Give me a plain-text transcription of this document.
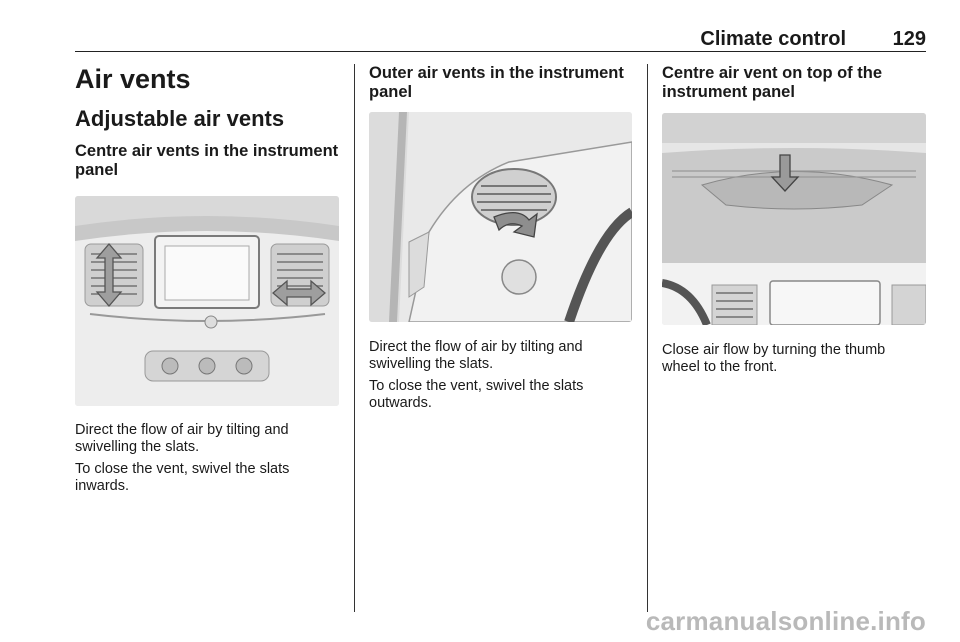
Climate control 129
Air vents
Adjustable air vents
Centre air vents in the instrument panel

Direct the flow of air by tilting and swivelling the slats.

To close the vent, swivel the slats inwards.

Outer air vents in the instrument panel

Direct the flow of air by tilting and swivelling the slats.

To close the vent, swivel the slats outwards.

Centre air vent on top of the instrument panel

Close air flow by turning the thumb wheel to the front.

carmanualsonline.info
